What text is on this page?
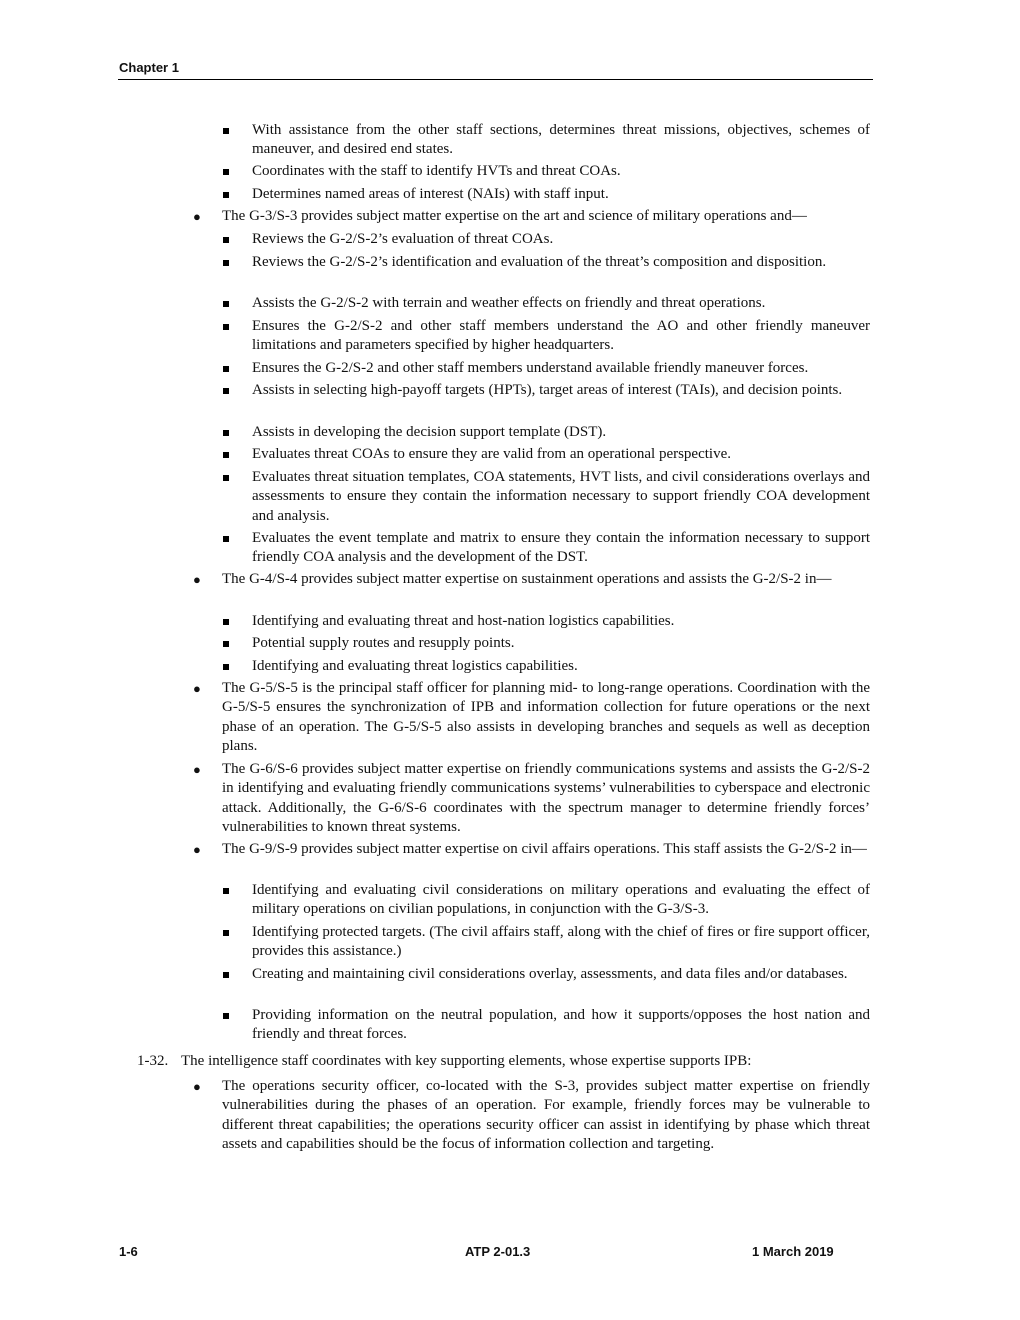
Chapter 1
With assistance from the other staff sections, determines threat missions, objectives, schemes of maneuver, and desired end states.
Coordinates with the staff to identify HVTs and threat COAs.
Determines named areas of interest (NAIs) with staff input.
● The G-3/S-3 provides subject matter expertise on the art and science of military operations and—
Reviews the G-2/S-2’s evaluation of threat COAs.
Reviews the G-2/S-2’s identification and evaluation of the threat’s composition and disposition.
Assists the G-2/S-2 with terrain and weather effects on friendly and threat operations.
Ensures the G-2/S-2 and other staff members understand the AO and other friendly maneuver limitations and parameters specified by higher headquarters.
Ensures the G-2/S-2 and other staff members understand available friendly maneuver forces.
Assists in selecting high-payoff targets (HPTs), target areas of interest (TAIs), and decision points.
Assists in developing the decision support template (DST).
Evaluates threat COAs to ensure they are valid from an operational perspective.
Evaluates threat situation templates, COA statements, HVT lists, and civil considerations overlays and assessments to ensure they contain the information necessary to support friendly COA development and analysis.
Evaluates the event template and matrix to ensure they contain the information necessary to support friendly COA analysis and the development of the DST.
● The G-4/S-4 provides subject matter expertise on sustainment operations and assists the G-2/S-2 in—
Identifying and evaluating threat and host-nation logistics capabilities.
Potential supply routes and resupply points.
Identifying and evaluating threat logistics capabilities.
● The G-5/S-5 is the principal staff officer for planning mid- to long-range operations. Coordination with the G-5/S-5 ensures the synchronization of IPB and information collection for future operations or the next phase of an operation. The G-5/S-5 also assists in developing branches and sequels as well as deception plans.
● The G-6/S-6 provides subject matter expertise on friendly communications systems and assists the G-2/S-2 in identifying and evaluating friendly communications systems’ vulnerabilities to cyberspace and electronic attack. Additionally, the G-6/S-6 coordinates with the spectrum manager to determine friendly forces’ vulnerabilities to known threat systems.
● The G-9/S-9 provides subject matter expertise on civil affairs operations. This staff assists the G-2/S-2 in—
Identifying and evaluating civil considerations on military operations and evaluating the effect of military operations on civilian populations, in conjunction with the G-3/S-3.
Identifying protected targets. (The civil affairs staff, along with the chief of fires or fire support officer, provides this assistance.)
Creating and maintaining civil considerations overlay, assessments, and data files and/or databases.
Providing information on the neutral population, and how it supports/opposes the host nation and friendly and threat forces.
1-32. The intelligence staff coordinates with key supporting elements, whose expertise supports IPB:
● The operations security officer, co-located with the S-3, provides subject matter expertise on friendly vulnerabilities during the phases of an operation. For example, friendly forces may be vulnerable to different threat capabilities; the operations security officer can assist in identifying by phase which threat assets and capabilities should be the focus of information collection and targeting.
1-6	ATP 2-01.3	1 March 2019
